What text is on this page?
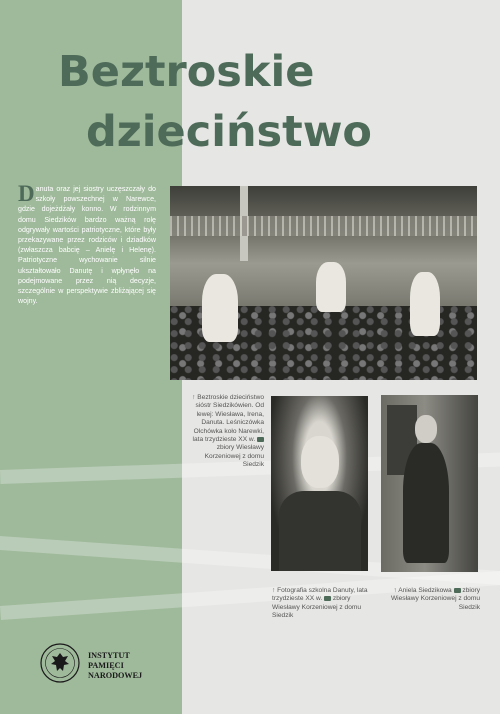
Beztroskie
dzieciństwo
Danuta oraz jej siostry uczęszczały do szkoły powszechnej w Narewce, gdzie dojeżdżały konno. W rodzinnym domu Siedzików bardzo ważną rolę odgrywały wartości patriotyczne, które były przekazywane przez rodziców i dziadków (zwłaszcza babcię – Anielę i Helenę). Patriotyczne wychowanie silnie ukształtowało Danutę i wpłynęło na podejmowane przez nią decyzje, szczególnie w perspektywie zbliżającej się wojny.
↑ Beztroskie dzieciństwo sióstr Siedzikówien. Od lewej: Wiesława, Irena, Danuta. Leśniczówka Olchówka koło Narewki, lata trzydzieste XX w.  zbiory Wiesławy Korzeniowej z domu Siedzik
↑ Fotografia szkolna Danuty, lata trzydzieste XX w. zbiory Wiesławy Korzeniowej z domu Siedzik
↑ Aniela Siedzikowa zbiory Wiesławy Korzeniowej z domu Siedzik
INSTYTUT
PAMIĘCI
NARODOWEJ
